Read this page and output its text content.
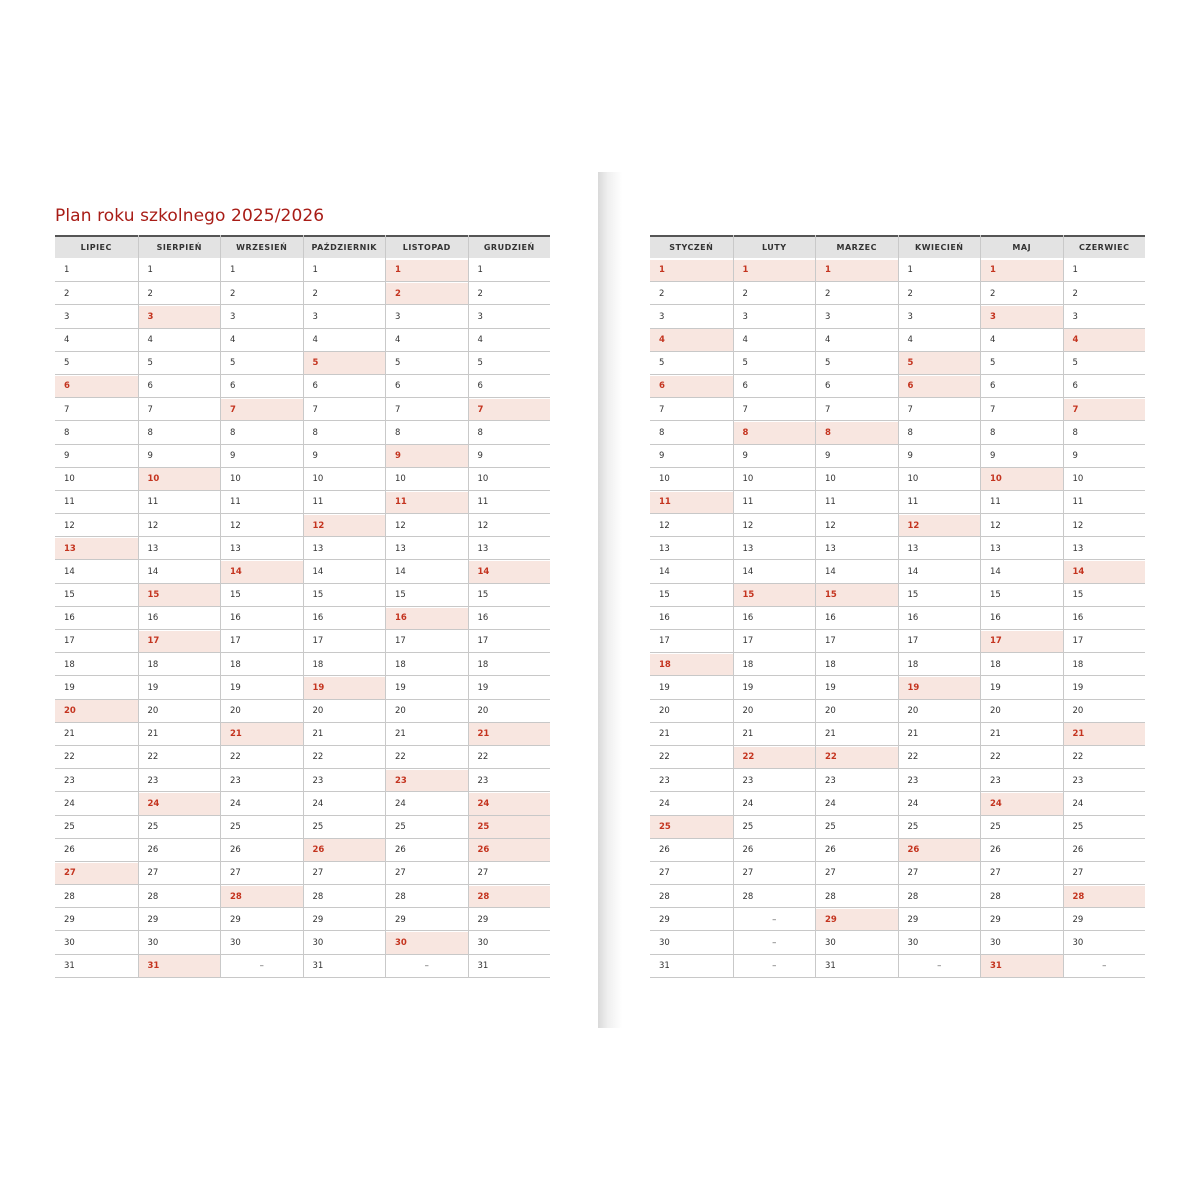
Plan roku szkolnego 2025/2026
LIPIEC
1
2
3
4
5
6
7
8
9
10
11
12
13
14
15
16
17
18
19
20
21
22
23
24
25
26
27
28
29
30
31
SIERPIEŃ
1
2
3
4
5
6
7
8
9
10
11
12
13
14
15
16
17
18
19
20
21
22
23
24
25
26
27
28
29
30
31
WRZESIEŃ
1
2
3
4
5
6
7
8
9
10
11
12
13
14
15
16
17
18
19
20
21
22
23
24
25
26
27
28
29
30
–
PAŹDZIERNIK
1
2
3
4
5
6
7
8
9
10
11
12
13
14
15
16
17
18
19
20
21
22
23
24
25
26
27
28
29
30
31
LISTOPAD
1
2
3
4
5
6
7
8
9
10
11
12
13
14
15
16
17
18
19
20
21
22
23
24
25
26
27
28
29
30
–
GRUDZIEŃ
1
2
3
4
5
6
7
8
9
10
11
12
13
14
15
16
17
18
19
20
21
22
23
24
25
26
27
28
29
30
31
STYCZEŃ
1
2
3
4
5
6
7
8
9
10
11
12
13
14
15
16
17
18
19
20
21
22
23
24
25
26
27
28
29
30
31
LUTY
1
2
3
4
5
6
7
8
9
10
11
12
13
14
15
16
17
18
19
20
21
22
23
24
25
26
27
28
–
–
–
MARZEC
1
2
3
4
5
6
7
8
9
10
11
12
13
14
15
16
17
18
19
20
21
22
23
24
25
26
27
28
29
30
31
KWIECIEŃ
1
2
3
4
5
6
7
8
9
10
11
12
13
14
15
16
17
18
19
20
21
22
23
24
25
26
27
28
29
30
–
MAJ
1
2
3
4
5
6
7
8
9
10
11
12
13
14
15
16
17
18
19
20
21
22
23
24
25
26
27
28
29
30
31
CZERWIEC
1
2
3
4
5
6
7
8
9
10
11
12
13
14
15
16
17
18
19
20
21
22
23
24
25
26
27
28
29
30
–
